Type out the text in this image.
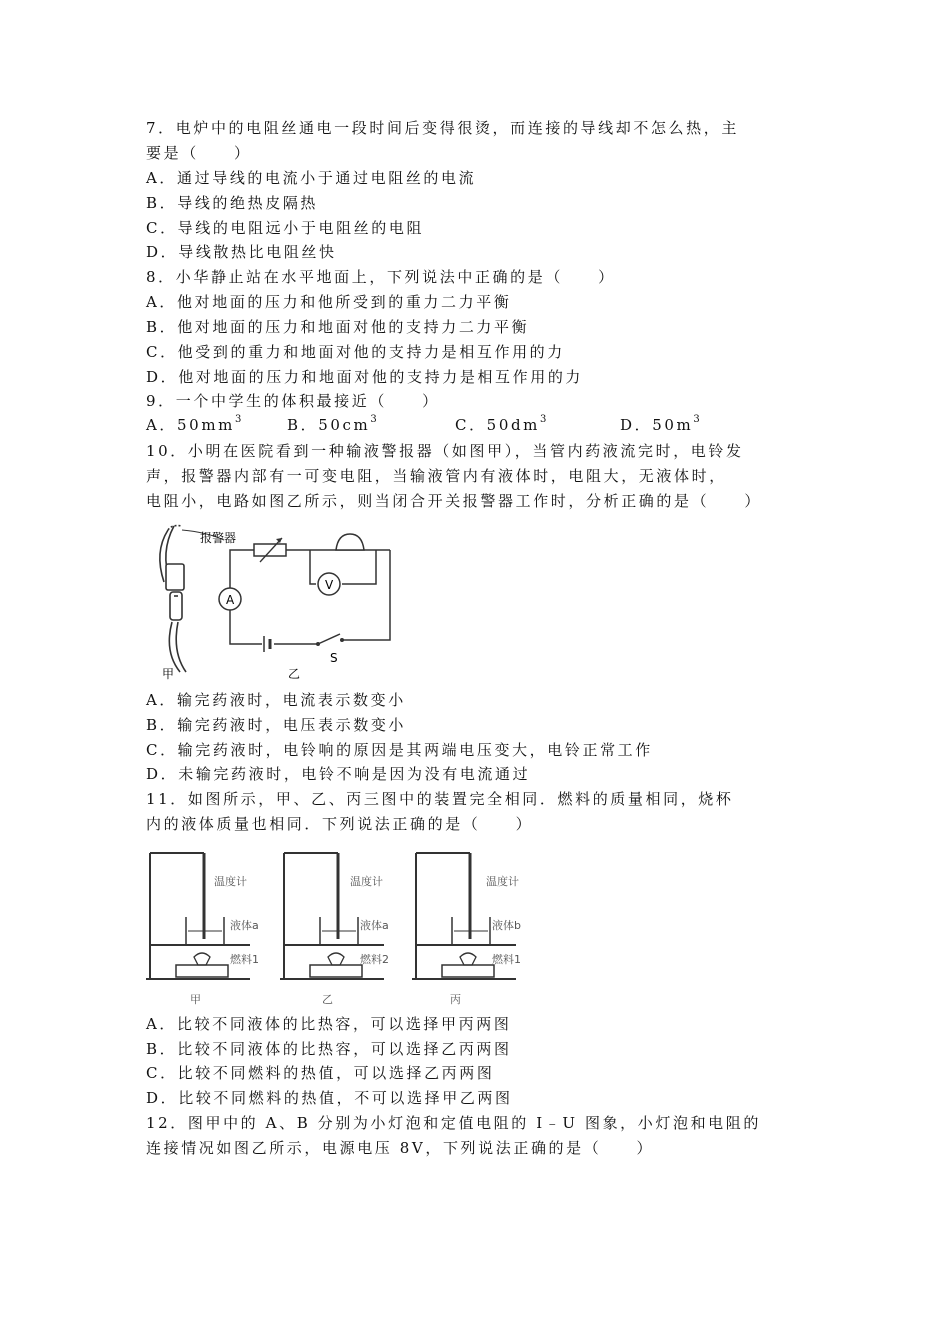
7．电炉中的电阻丝通电一段时间后变得很烫，而连接的导线却不怎么热，主
要是（　　）
A．通过导线的电流小于通过电阻丝的电流
B．导线的绝热皮隔热
C．导线的电阻远小于电阻丝的电阻
D．导线散热比电阻丝快
8．小华静止站在水平地面上，下列说法中正确的是（　　）
A．他对地面的压力和他所受到的重力二力平衡
B．他对地面的压力和地面对他的支持力二力平衡
C．他受到的重力和地面对他的支持力是相互作用的力
D．他对地面的压力和地面对他的支持力是相互作用的力
9．一个中学生的体积最接近（　　）
A．$50mm^3$	B．$50cm^3$	C．$50dm^3$	D．$50m^3$
10．小明在医院看到一种输液警报器（如图甲），当管内药液流完时，电铃发
声，报警器内部有一可变电阻，当输液管内有液体时，电阻大，无液体时，
电阻小，电路如图乙所示，则当闭合开关报警器工作时，分析正确的是（　　）
报警器
A
V
S
甲	乙
A．输完药液时，电流表示数变小
B．输完药液时，电压表示数变小
C．输完药液时，电铃响的原因是其两端电压变大，电铃正常工作
D．未输完药液时，电铃不响是因为没有电流通过
11．如图所示，甲、乙、丙三图中的装置完全相同．燃料的质量相同，烧杯
内的液体质量也相同．下列说法正确的是（　　）
温度计
液体a
燃料1
甲
温度计
液体a
燃料2
乙
温度计
液体b
燃料1
丙
A．比较不同液体的比热容，可以选择甲丙两图
B．比较不同液体的比热容，可以选择乙丙两图
C．比较不同燃料的热值，可以选择乙丙两图
D．比较不同燃料的热值，不可以选择甲乙两图
12．图甲中的 A、B 分别为小灯泡和定值电阻的 I﹣U 图象，小灯泡和电阻的
连接情况如图乙所示，电源电压 8V，下列说法正确的是（　　）
